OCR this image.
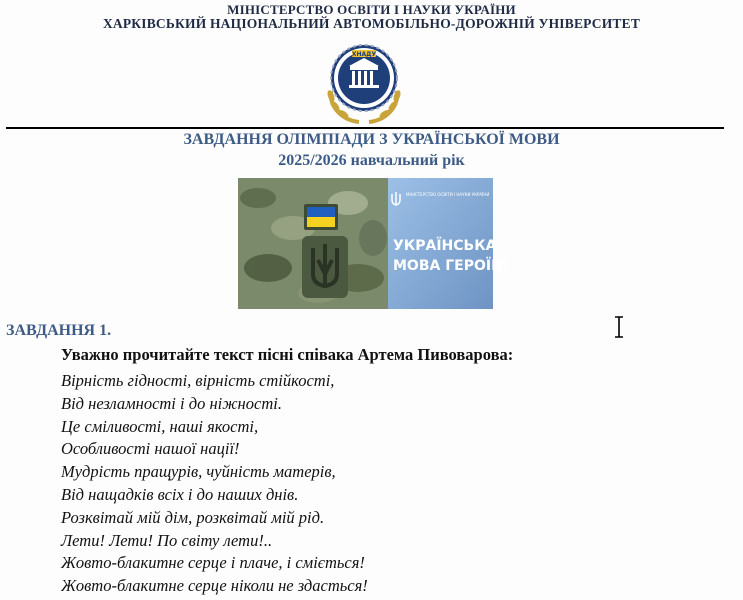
МІНІСТЕРСТВО ОСВІТИ І НАУКИ УКРАЇНИ
ХАРКІВСЬКИЙ НАЦІОНАЛЬНИЙ АВТОМОБІЛЬНО-ДОРОЖНІЙ УНІВЕРСИТЕТ
ХНАДУ
ЗАВДАННЯ ОЛІМПІАДИ З УКРАЇНСЬКОЇ МОВИ
2025/2026 навчальний рік
МІНІСТЕРСТВО ОСВІТИ І НАУКИ УКРАЇНИ
УКРАЇНСЬКА –
МОВА ГЕРОЇВ!
ЗАВДАННЯ 1.
Уважно прочитайте текст пісні співака Артема Пивоварова:
Вірність гідності, вірність стійкості,
Від незламності і до ніжності.
Це сміливості, наші якості,
Особливості нашої нації!
Мудрість пращурів, чуйність матерів,
Від нащадків всіх і до наших днів.
Розквітай мій дім, розквітай мій рід.
Лети! Лети! По світу лети!..
Жовто-блакитне серце і плаче, і сміється!
Жовто-блакитне серце ніколи не здасться!
